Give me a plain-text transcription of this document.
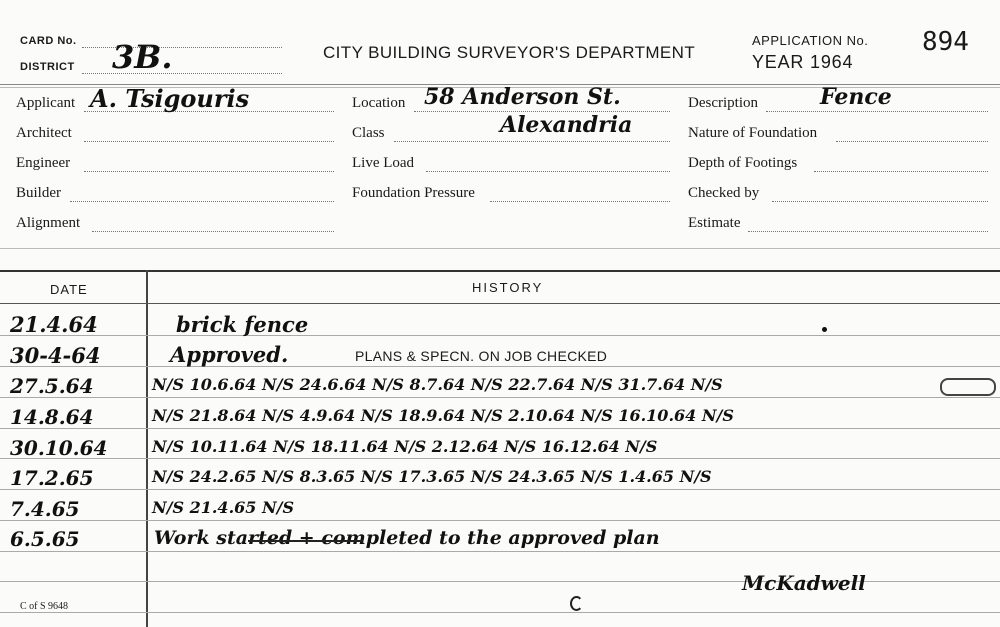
CARD No.
DISTRICT 3B.	CITY BUILDING SURVEYOR'S DEPARTMENT
APPLICATION No. 894
YEAR 1964
Applicant A. Tsigouris
Architect
Engineer
Builder
Alignment
Location 58 Anderson St.
Class	Alexandria
Live Load
Foundation Pressure
Description	Fence
Nature of Foundation
Depth of Footings
Checked by
Estimate
DATE	HISTORY
21.4.64	brick fence
30-4-64	Approved.	PLANS & SPECN. ON JOB CHECKED
27.5.64	N/S 10.6.64 N/S 24.6.64 N/S 8.7.64 N/S 22.7.64 N/S 31.7.64 N/S
14.8.64	N/S 21.8.64 N/S 4.9.64 N/S 18.9.64 N/S 2.10.64 N/S 16.10.64 N/S
30.10.64	N/S 10.11.64 N/S 18.11.64 N/S 2.12.64 N/S 16.12.64 N/S
17.2.65	N/S 24.2.65 N/S 8.3.65 N/S 17.3.65 N/S 24.3.65 N/S 1.4.65 N/S
7.4.65	N/S 21.4.65 N/S
6.5.65	Work started + completed to the approved plan
McKadwell
C of S 9648
